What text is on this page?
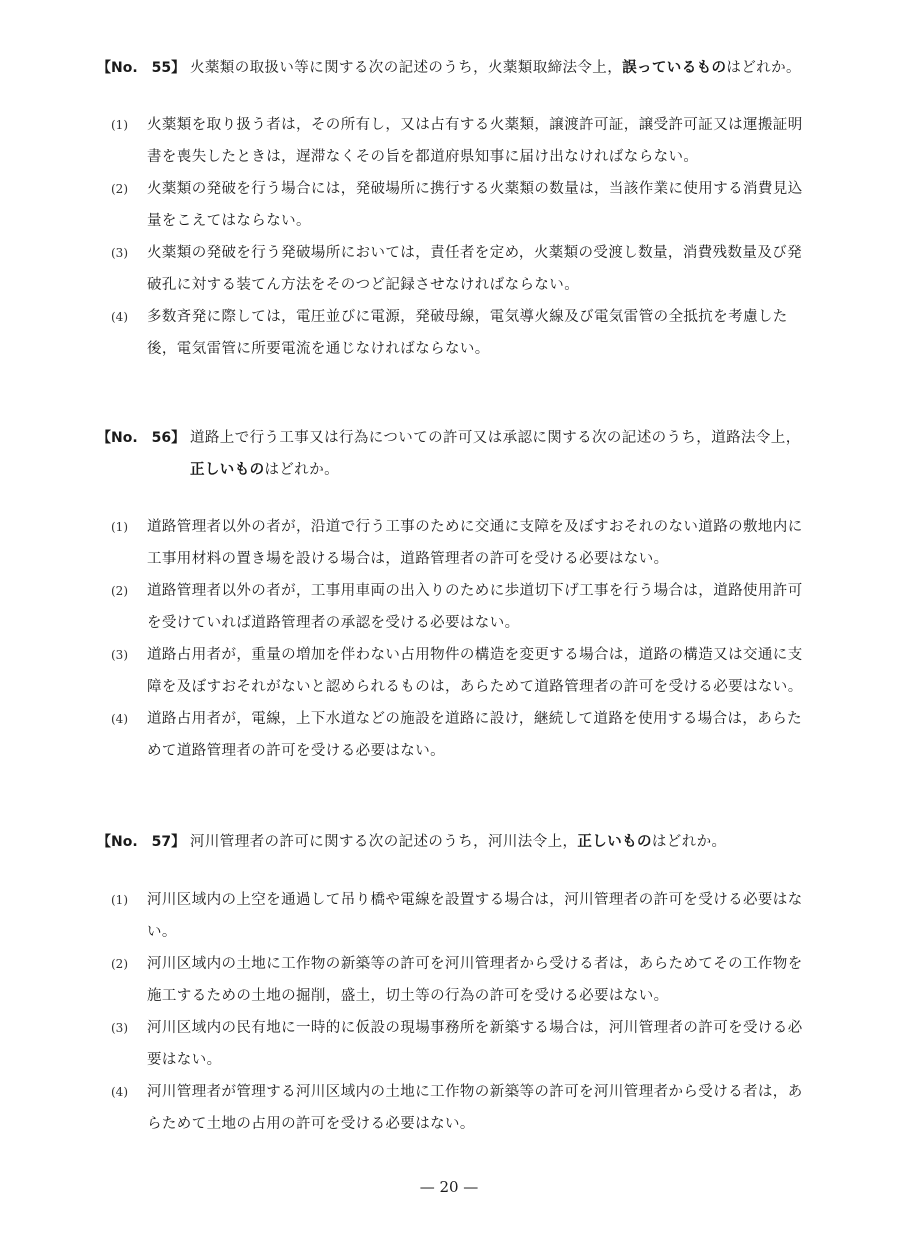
【No.　55】 火薬類の取扱い等に関する次の記述のうち，火薬類取締法令上，誤っているものはどれか。
(1)	火薬類を取り扱う者は，その所有し，又は占有する火薬類，譲渡許可証，譲受許可証又は運搬証明書を喪失したときは，遅滞なくその旨を都道府県知事に届け出なければならない。
(2)	火薬類の発破を行う場合には，発破場所に携行する火薬類の数量は，当該作業に使用する消費見込量をこえてはならない。
(3)	火薬類の発破を行う発破場所においては，責任者を定め，火薬類の受渡し数量，消費残数量及び発破孔に対する装てん方法をそのつど記録させなければならない。
(4)	多数斉発に際しては，電圧並びに電源，発破母線，電気導火線及び電気雷管の全抵抗を考慮した後，電気雷管に所要電流を通じなければならない。
【No.　56】 道路上で行う工事又は行為についての許可又は承認に関する次の記述のうち，道路法令上，正しいものはどれか。
(1)	道路管理者以外の者が，沿道で行う工事のために交通に支障を及ぼすおそれのない道路の敷地内に工事用材料の置き場を設ける場合は，道路管理者の許可を受ける必要はない。
(2)	道路管理者以外の者が，工事用車両の出入りのために歩道切下げ工事を行う場合は，道路使用許可を受けていれば道路管理者の承認を受ける必要はない。
(3)	道路占用者が，重量の増加を伴わない占用物件の構造を変更する場合は，道路の構造又は交通に支障を及ぼすおそれがないと認められるものは，あらためて道路管理者の許可を受ける必要はない。
(4)	道路占用者が，電線，上下水道などの施設を道路に設け，継続して道路を使用する場合は，あらためて道路管理者の許可を受ける必要はない。
【No.　57】 河川管理者の許可に関する次の記述のうち，河川法令上，正しいものはどれか。
(1)	河川区域内の上空を通過して吊り橋や電線を設置する場合は，河川管理者の許可を受ける必要はない。
(2)	河川区域内の土地に工作物の新築等の許可を河川管理者から受ける者は，あらためてその工作物を施工するための土地の掘削，盛土，切土等の行為の許可を受ける必要はない。
(3)	河川区域内の民有地に一時的に仮設の現場事務所を新築する場合は，河川管理者の許可を受ける必要はない。
(4)	河川管理者が管理する河川区域内の土地に工作物の新築等の許可を河川管理者から受ける者は，あらためて土地の占用の許可を受ける必要はない。
— 20 —
